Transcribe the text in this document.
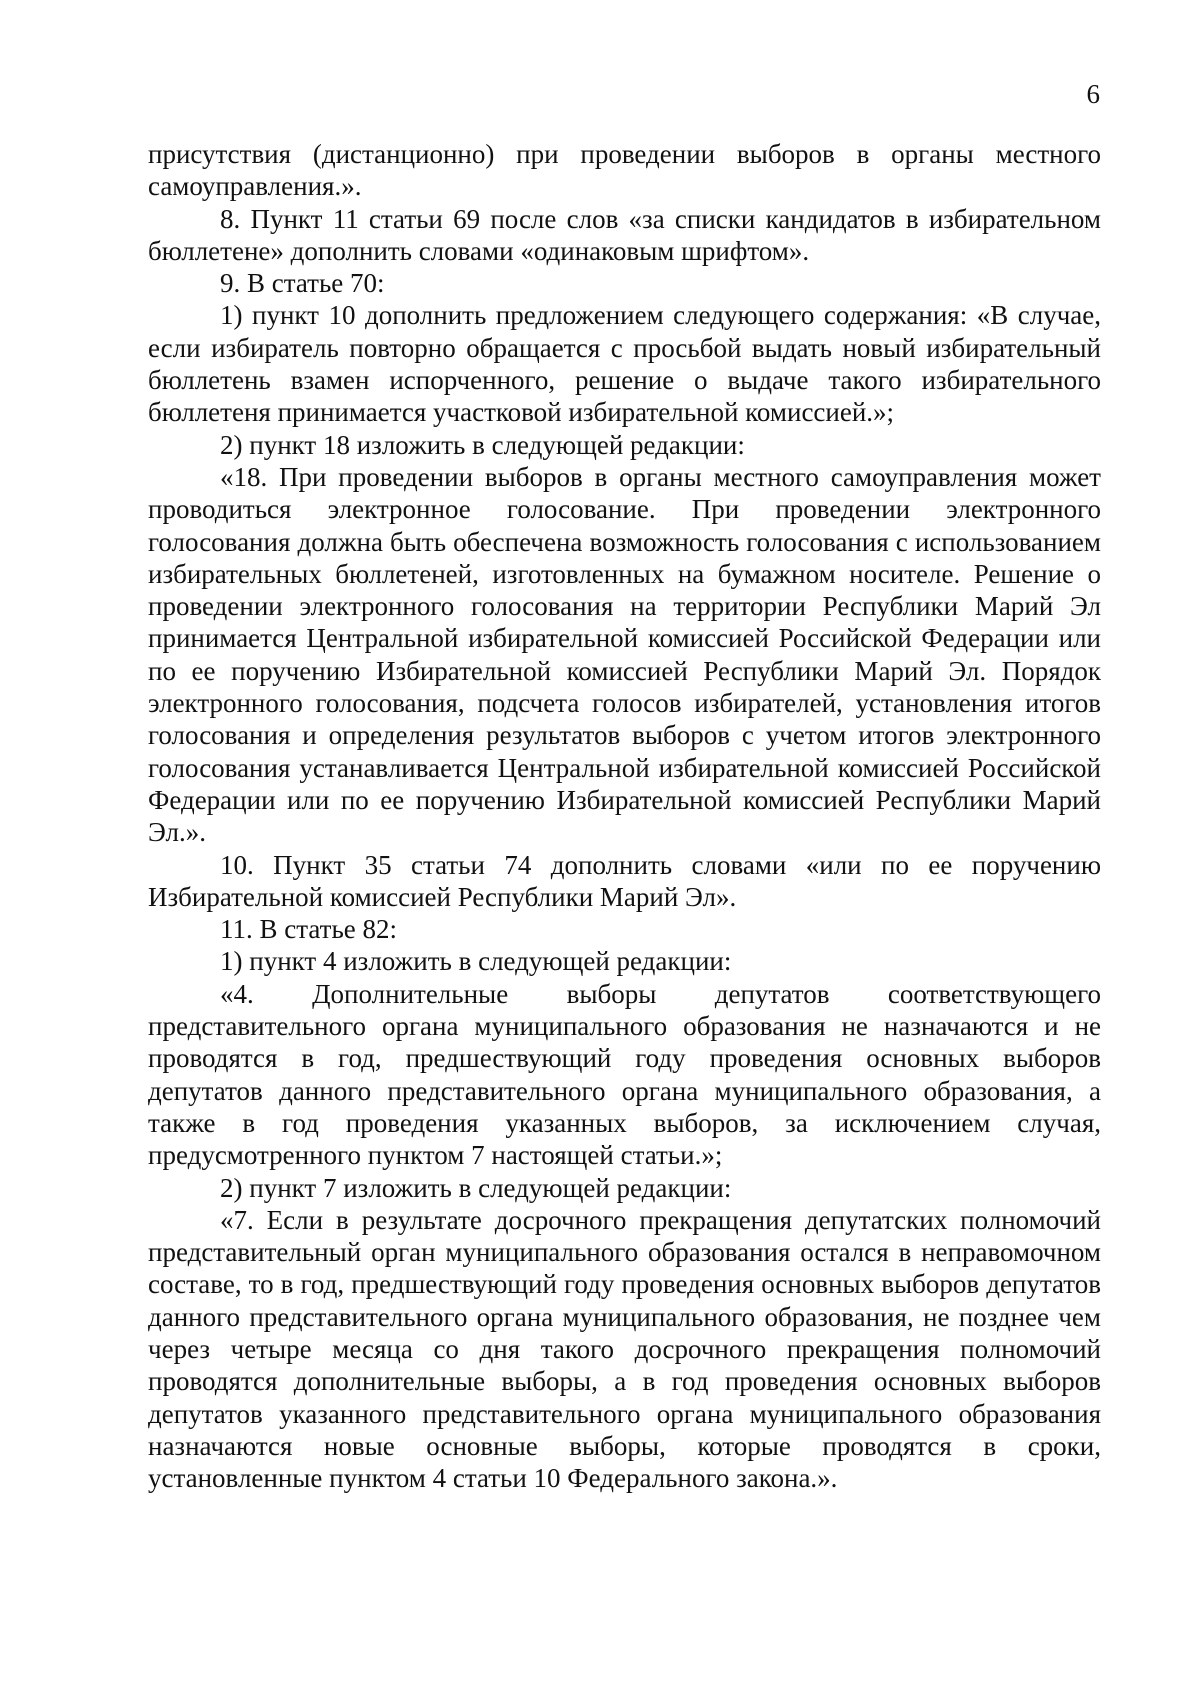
6

присутствия (дистанционно) при проведении выборов в органы местного самоуправления.».

8. Пункт 11 статьи 69 после слов «за списки кандидатов в избирательном бюллетене» дополнить словами «одинаковым шрифтом».

9. В статье 70:

1) пункт 10 дополнить предложением следующего содержания: «В случае, если избиратель повторно обращается с просьбой выдать новый избирательный бюллетень взамен испорченного, решение о выдаче такого избирательного бюллетеня принимается участковой избирательной комиссией.»;

2) пункт 18 изложить в следующей редакции:

«18. При проведении выборов в органы местного самоуправления может проводиться электронное голосование. При проведении электронного голосования должна быть обеспечена возможность голосования с использованием избирательных бюллетеней, изготовленных на бумажном носителе. Решение о проведении электронного голосования на территории Республики Марий Эл принимается Центральной избирательной комиссией Российской Федерации или по ее поручению Избирательной комиссией Республики Марий Эл. Порядок электронного голосования, подсчета голосов избирателей, установления итогов голосования и определения результатов выборов с учетом итогов электронного голосования устанавливается Центральной избирательной комиссией Российской Федерации или по ее поручению Избирательной комиссией Республики Марий Эл.».

10. Пункт 35 статьи 74 дополнить словами «или по ее поручению Избирательной комиссией Республики Марий Эл».

11. В статье 82:

1) пункт 4 изложить в следующей редакции:

«4. Дополнительные выборы депутатов соответствующего представительного органа муниципального образования не назначаются и не проводятся в год, предшествующий году проведения основных выборов депутатов данного представительного органа муниципального образования, а также в год проведения указанных выборов, за исключением случая, предусмотренного пунктом 7 настоящей статьи.»;

2) пункт 7 изложить в следующей редакции:

«7. Если в результате досрочного прекращения депутатских полномочий представительный орган муниципального образования остался в неправомочном составе, то в год, предшествующий году проведения основных выборов депутатов данного представительного органа муниципального образования, не позднее чем через четыре месяца со дня такого досрочного прекращения полномочий проводятся дополнительные выборы, а в год проведения основных выборов депутатов указанного представительного органа муниципального образования назначаются новые основные выборы, которые проводятся в сроки, установленные пунктом 4 статьи 10 Федерального закона.».
